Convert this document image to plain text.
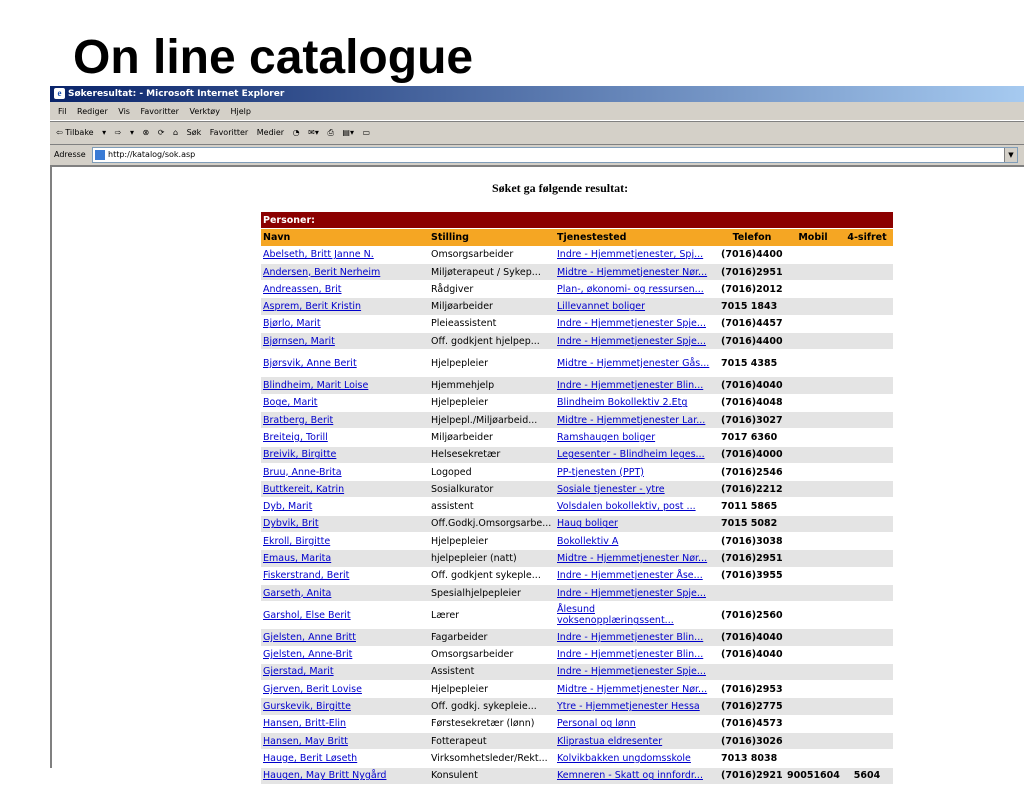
On line catalogue
e Søkeresultat: - Microsoft Internet Explorer
Fil Rediger Vis Favoritter Verktøy Hjelp
⇦ Tilbake ▾ ⇨ ▾ ⊗ ⟳ ⌂ Søk Favoritter Medier ◔ ✉▾ ⎙ ▤▾ ▭
Adresse	http://katalog/sok.asp	▼
Søket ga følgende resultat:
Personer:					
Navn	Stilling	Tjenestested	Telefon	Mobil	4-sifret
Abelseth, Britt Janne N.	Omsorgsarbeider	Indre - Hjemmetjenester, Spj...	(7016)4400		
Andersen, Berit Nerheim	Miljøterapeut / Sykep...	Midtre - Hjemmetjenester Nør...	(7016)2951		
Andreassen, Brit	Rådgiver	Plan-, økonomi- og ressursen...	(7016)2012		
Asprem, Berit Kristin	Miljøarbeider	Lillevannet boliger	7015 1843		
Bjørlo, Marit	Pleieassistent	Indre - Hjemmetjenester Spje...	(7016)4457		
Bjørnsen, Marit	Off. godkjent hjelpep...	Indre - Hjemmetjenester Spje...	(7016)4400		
Bjørsvik, Anne Berit	Hjelpepleier	Midtre - Hjemmetjenester Gås...	7015 4385		
Blindheim, Marit Loise	Hjemmehjelp	Indre - Hjemmetjenester Blin...	(7016)4040		
Boge, Marit	Hjelpepleier	Blindheim Bokollektiv 2.Etg	(7016)4048		
Bratberg, Berit	Hjelpepl./Miljøarbeid...	Midtre - Hjemmetjenester Lar...	(7016)3027		
Breiteig, Torill	Miljøarbeider	Ramshaugen boliger	7017 6360		
Breivik, Birgitte	Helsesekretær	Legesenter - Blindheim leges...	(7016)4000		
Bruu, Anne-Brita	Logoped	PP-tjenesten (PPT)	(7016)2546		
Buttkereit, Katrin	Sosialkurator	Sosiale tjenester - ytre	(7016)2212		
Dyb, Marit	assistent	Volsdalen bokollektiv, post ...	7011 5865		
Dybvik, Brit	Off.Godkj.Omsorgsarbe...	Haug boliger	7015 5082		
Ekroll, Birgitte	Hjelpepleier	Bokollektiv A	(7016)3038		
Emaus, Marita	hjelpepleier (natt)	Midtre - Hjemmetjenester Nør...	(7016)2951		
Fiskerstrand, Berit	Off. godkjent sykeple...	Indre - Hjemmetjenester Åse...	(7016)3955		
Garseth, Anita	Spesialhjelpepleier	Indre - Hjemmetjenester Spje...			
Garshol, Else Berit	Lærer	Ålesund voksenopplæringssent...	(7016)2560		
Gjelsten, Anne Britt	Fagarbeider	Indre - Hjemmetjenester Blin...	(7016)4040		
Gjelsten, Anne-Brit	Omsorgsarbeider	Indre - Hjemmetjenester Blin...	(7016)4040		
Gjerstad, Marit	Assistent	Indre - Hjemmetjenester Spje...			
Gjerven, Berit Lovise	Hjelpepleier	Midtre - Hjemmetjenester Nør...	(7016)2953		
Gurskevik, Birgitte	Off. godkj. sykepleie...	Ytre - Hjemmetjenester Hessa	(7016)2775		
Hansen, Britt-Elin	Førstesekretær (lønn)	Personal og lønn	(7016)4573		
Hansen, May Britt	Fotterapeut	Kliprastua eldresenter	(7016)3026		
Hauge, Berit Løseth	Virksomhetsleder/Rekt...	Kolvikbakken ungdomsskole	7013 8038		
Haugen, May Britt Nygård	Konsulent	Kemneren - Skatt og innfordr...	(7016)2921	90051604	5604
